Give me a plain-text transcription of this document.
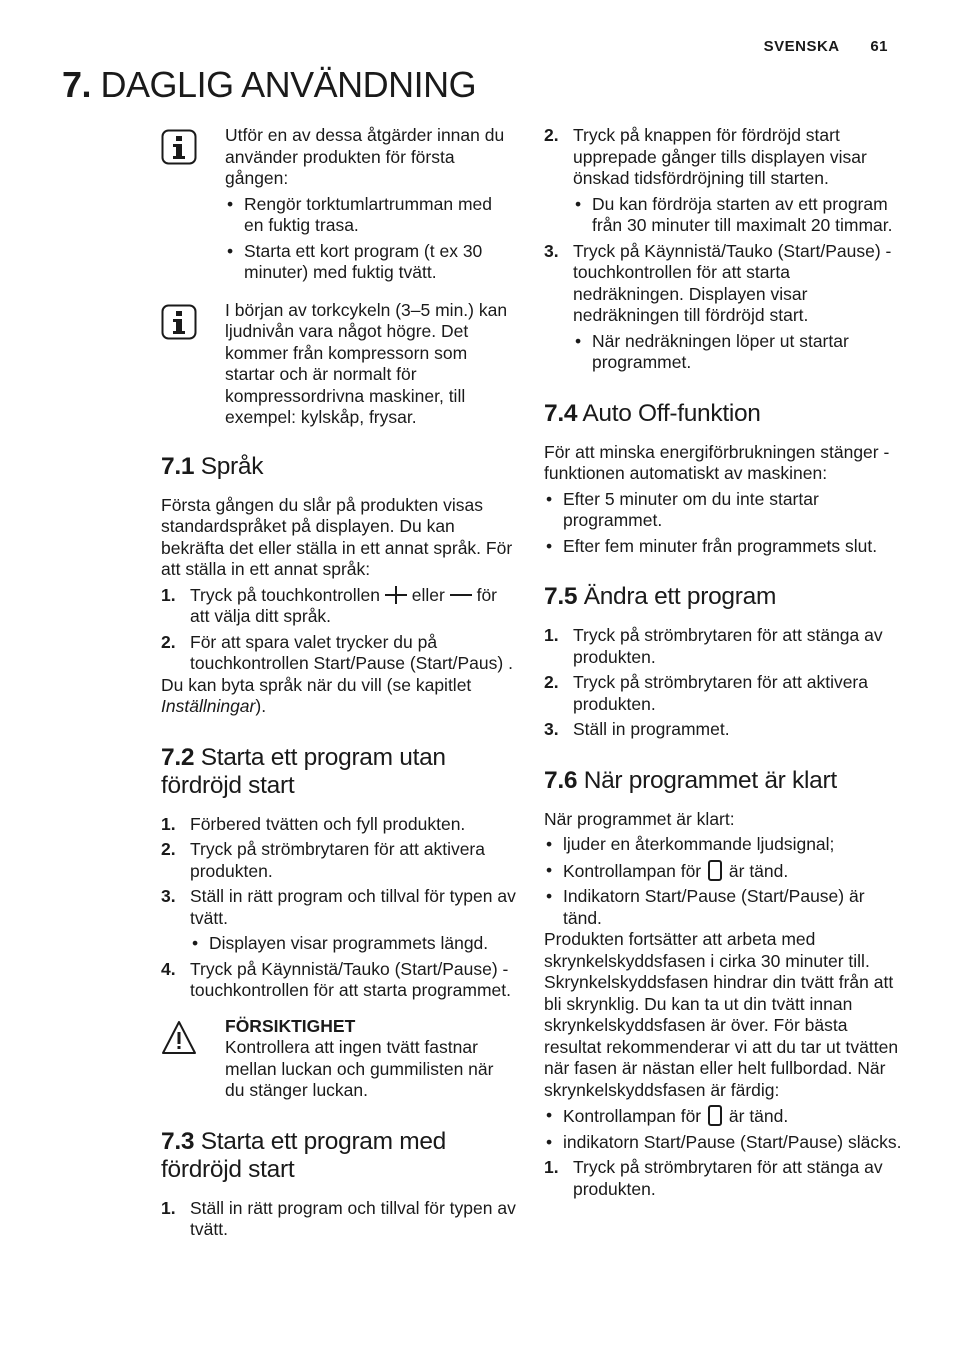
SVENSKA 61
7. DAGLIG ANVÄNDNING

Utför en av dessa åtgärder innan du använder produkten för första gången:

• Rengör torktumlartrumman med en fuktig trasa.
• Starta ett kort program (t ex 30 minuter) med fuktig tvätt.

I början av torkcykeln (3–5 min.) kan ljudnivån vara något högre. Det kommer från kompressorn som startar och är normalt för kompressordrivna maskiner, till exempel: kylskåp, frysar.

7.1 Språk

Första gången du slår på produkten visas standardspråket på displayen. Du kan bekräfta det eller ställa in ett annat språk. För att ställa in ett annat språk:

1. Tryck på touchkontrollen eller för att välja ditt språk.
2. För att spara valet trycker du på touchkontrollen Start/Pause (Start/Paus) .

Du kan byta språk när du vill (se kapitlet Inställningar).

7.2 Starta ett program utan fördröjd start
1. Förbered tvätten och fyll produkten.
2. Tryck på strömbrytaren för att aktivera produkten.
3. Ställ in rätt program och tillval för typen av tvätt.
• Displayen visar programmets längd.
4. Tryck på Käynnistä/Tauko (Start/Pause) -touchkontrollen för att starta programmet.

FÖRSIKTIGHET

Kontrollera att ingen tvätt fastnar mellan luckan och gummilisten när du stänger luckan.

7.3 Starta ett program med fördröjd start
1. Ställ in rätt program och tillval för typen av tvätt.
2. Tryck på knappen för fördröjd start upprepade gånger tills displayen visar önskad tidsfördröjning till starten.
• Du kan fördröja starten av ett program från 30 minuter till maximalt 20 timmar.
3. Tryck på Käynnistä/Tauko (Start/Pause) -touchkontrollen för att starta nedräkningen. Displayen visar nedräkningen till fördröjd start.
• När nedräkningen löper ut startar programmet.
7.4 Auto Off-funktion

För att minska energiförbrukningen stänger -funktionen automatiskt av maskinen:

• Efter 5 minuter om du inte startar programmet.
• Efter fem minuter från programmets slut.
7.5 Ändra ett program
1. Tryck på strömbrytaren för att stänga av produkten.
2. Tryck på strömbrytaren för att aktivera produkten.
3. Ställ in programmet.
7.6 När programmet är klart

När programmet är klart:

• ljuder en återkommande ljudsignal;
• Kontrollampan för är tänd.
• Indikatorn Start/Pause (Start/Pause) är tänd.

Produkten fortsätter att arbeta med skrynkelskyddsfasen i cirka 30 minuter till. Skrynkelskyddsfasen hindrar din tvätt från att bli skrynklig. Du kan ta ut din tvätt innan skrynkelskyddsfasen är över. För bästa resultat rekommenderar vi att du tar ut tvätten när fasen är nästan eller helt fullbordad. När skrynkelskyddsfasen är färdig:

• Kontrollampan för är tänd.
• indikatorn Start/Pause (Start/Pause) släcks.
1. Tryck på strömbrytaren för att stänga av produkten.
